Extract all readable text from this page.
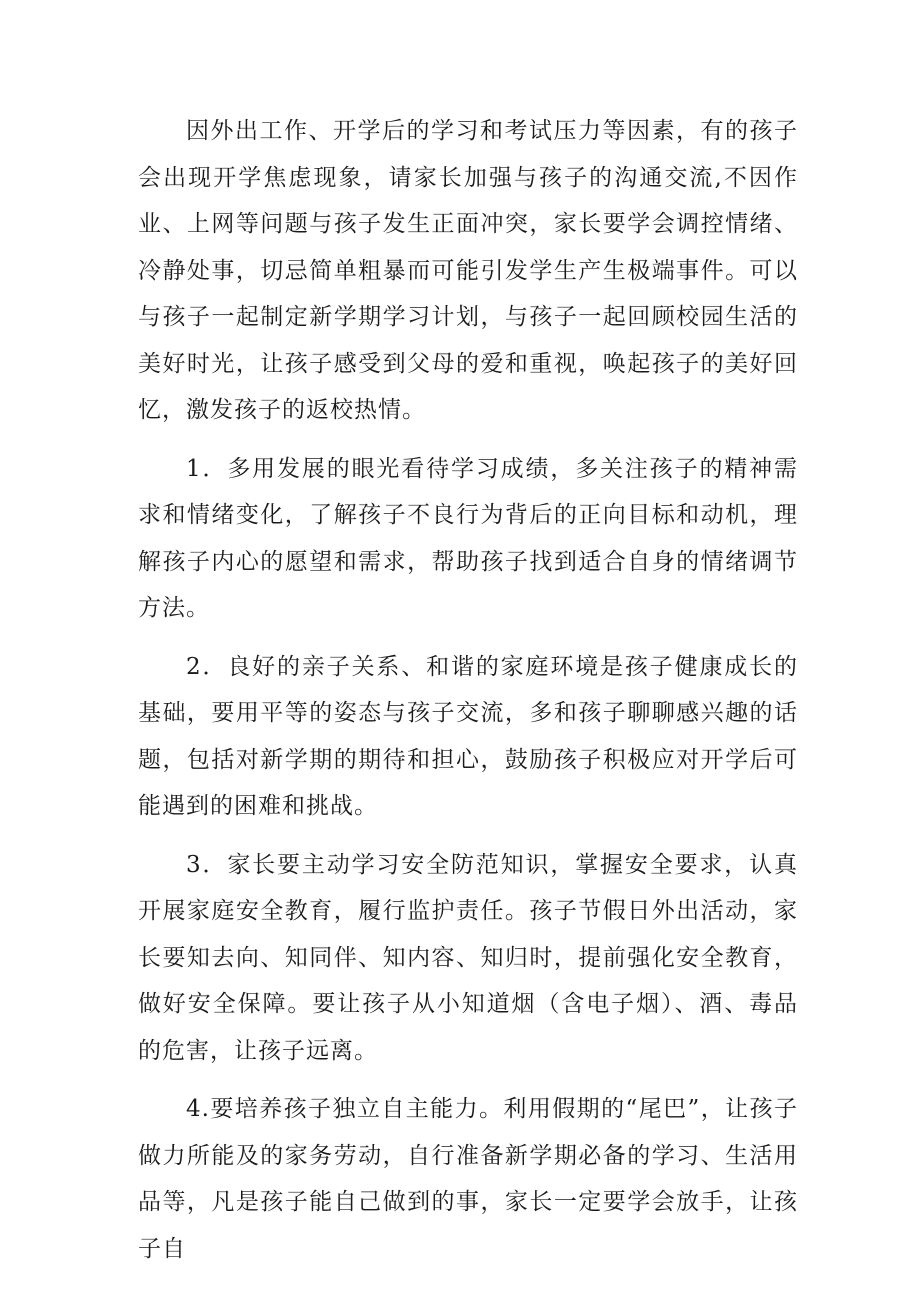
因外出工作、开学后的学习和考试压力等因素，有的孩子会出现开学焦虑现象，请家长加强与孩子的沟通交流,不因作业、上网等问题与孩子发生正面冲突，家长要学会调控情绪、冷静处事，切忌简单粗暴而可能引发学生产生极端事件。可以与孩子一起制定新学期学习计划，与孩子一起回顾校园生活的美好时光，让孩子感受到父母的爱和重视，唤起孩子的美好回忆，激发孩子的返校热情。

1．多用发展的眼光看待学习成绩，多关注孩子的精神需求和情绪变化，了解孩子不良行为背后的正向目标和动机，理解孩子内心的愿望和需求，帮助孩子找到适合自身的情绪调节方法。

2．良好的亲子关系、和谐的家庭环境是孩子健康成长的基础，要用平等的姿态与孩子交流，多和孩子聊聊感兴趣的话题，包括对新学期的期待和担心，鼓励孩子积极应对开学后可能遇到的困难和挑战。

3．家长要主动学习安全防范知识，掌握安全要求，认真开展家庭安全教育，履行监护责任。孩子节假日外出活动，家长要知去向、知同伴、知内容、知归时，提前强化安全教育，做好安全保障。要让孩子从小知道烟（含电子烟）、酒、毒品的危害，让孩子远离。

4.要培养孩子独立自主能力。利用假期的“尾巴”，让孩子做力所能及的家务劳动，自行准备新学期必备的学习、生活用品等，凡是孩子能自己做到的事，家长一定要学会放手，让孩子自
